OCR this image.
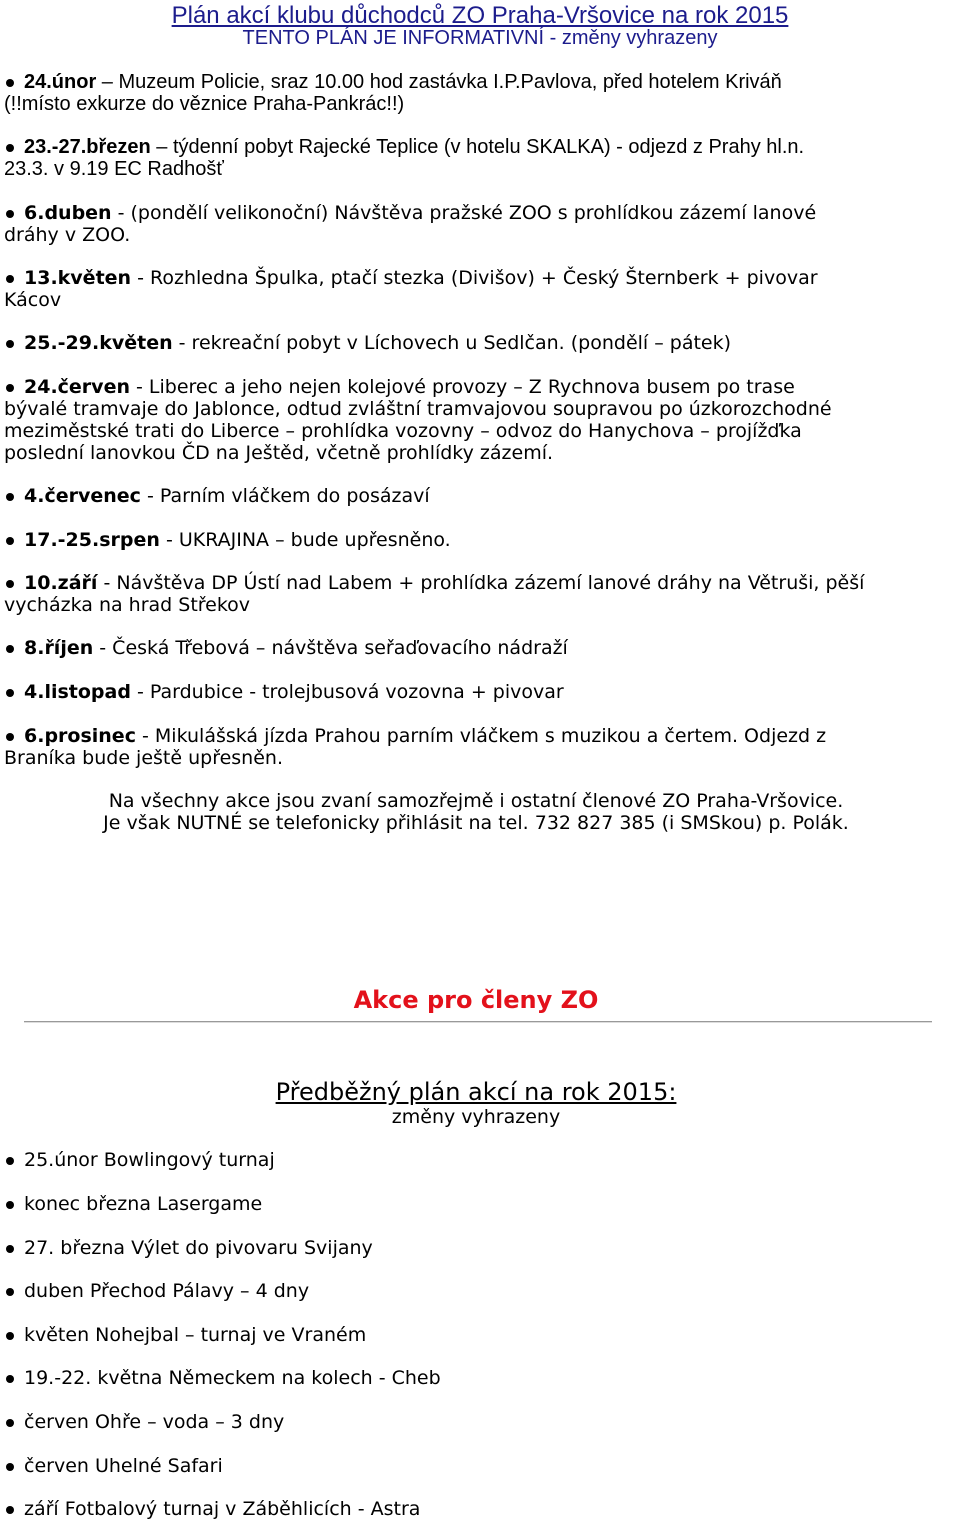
Plán akcí klubu důchodců ZO Praha-Vršovice na rok 2015
TENTO PLÁN JE INFORMATIVNÍ - změny vyhrazeny
24.únor – Muzeum Policie, sraz 10.00 hod zastávka I.P.Pavlova, před hotelem Kriváň
(!!místo exkurze do věznice Praha-Pankrác!!)
23.-27.březen – týdenní pobyt Rajecké Teplice (v hotelu SKALKA) - odjezd z Prahy hl.n.
23.3. v 9.19 EC Radhošť
6.duben - (pondělí velikonoční) Návštěva pražské ZOO s prohlídkou zázemí lanové
dráhy v ZOO.
13.květen - Rozhledna Špulka, ptačí stezka (Divišov) + Český Šternberk + pivovar
Kácov
25.-29.květen - rekreační pobyt v Líchovech u Sedlčan. (pondělí – pátek)
24.červen - Liberec a jeho nejen kolejové provozy – Z Rychnova busem po trase
bývalé tramvaje do Jablonce, odtud zvláštní tramvajovou soupravou po úzkorozchodné
meziměstské trati do Liberce – prohlídka vozovny – odvoz do Hanychova – projížďka
poslední lanovkou ČD na Ještěd, včetně prohlídky zázemí.
4.červenec - Parním vláčkem do posázaví
17.-25.srpen - UKRAJINA – bude upřesněno.
10.září - Návštěva DP Ústí nad Labem + prohlídka zázemí lanové dráhy na Větruši, pěší
vycházka na hrad Střekov
8.říjen - Česká Třebová – návštěva seřaďovacího nádraží
4.listopad - Pardubice - trolejbusová vozovna + pivovar
6.prosinec - Mikulášská jízda Prahou parním vláčkem s muzikou a čertem. Odjezd z
Braníka bude ještě upřesněn.
Na všechny akce jsou zvaní samozřejmě i ostatní členové ZO Praha-Vršovice.
Je však NUTNÉ se telefonicky přihlásit na tel. 732 827 385 (i SMSkou) p. Polák.
Akce pro členy ZO
Předběžný plán akcí na rok 2015:
změny vyhrazeny
25.únor Bowlingový turnaj
konec března Lasergame
27. března Výlet do pivovaru Svijany
duben Přechod Pálavy – 4 dny
květen Nohejbal – turnaj ve Vraném
19.-22. května Německem na kolech - Cheb
červen Ohře – voda – 3 dny
červen Uhelné Safari
září Fotbalový turnaj v Záběhlicích - Astra
